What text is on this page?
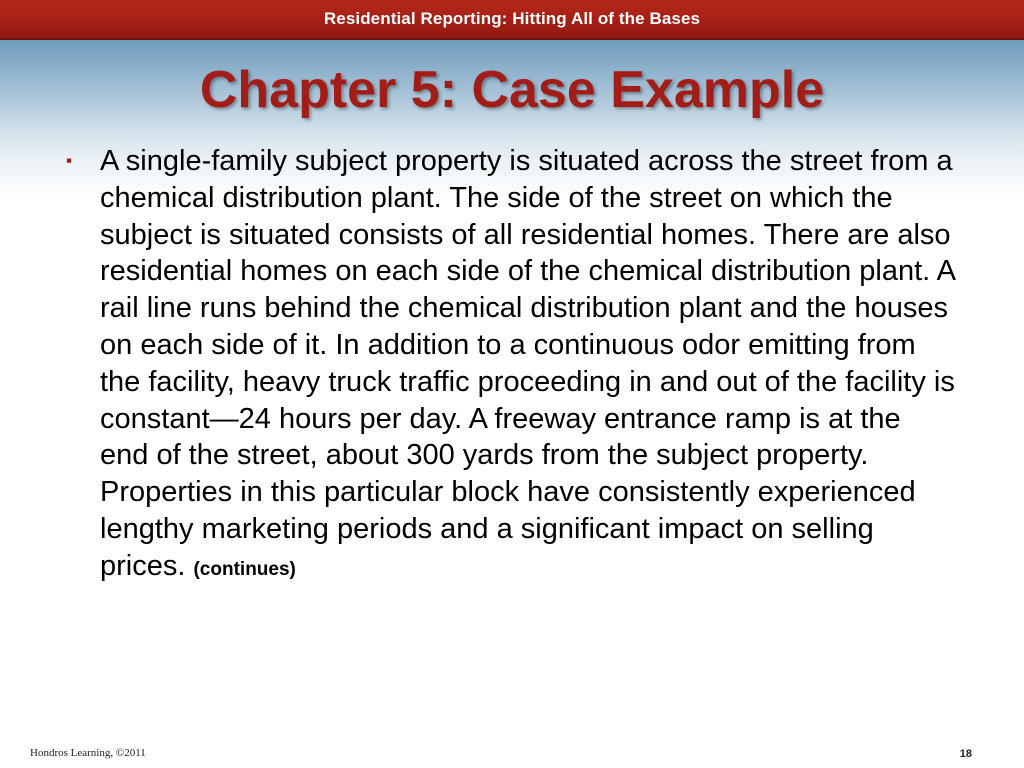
Residential Reporting: Hitting All of the Bases
Chapter 5: Case Example
▪ A single-family subject property is situated across the street from a chemical distribution plant. The side of the street on which the subject is situated consists of all residential homes. There are also residential homes on each side of the chemical distribution plant. A rail line runs behind the chemical distribution plant and the houses on each side of it. In addition to a continuous odor emitting from the facility, heavy truck traffic proceeding in and out of the facility is constant—24 hours per day. A freeway entrance ramp is at the end of the street, about 300 yards from the subject property. Properties in this particular block have consistently experienced lengthy marketing periods and a significant impact on selling prices. (continues)
Hondros Learning, ©2011	18
